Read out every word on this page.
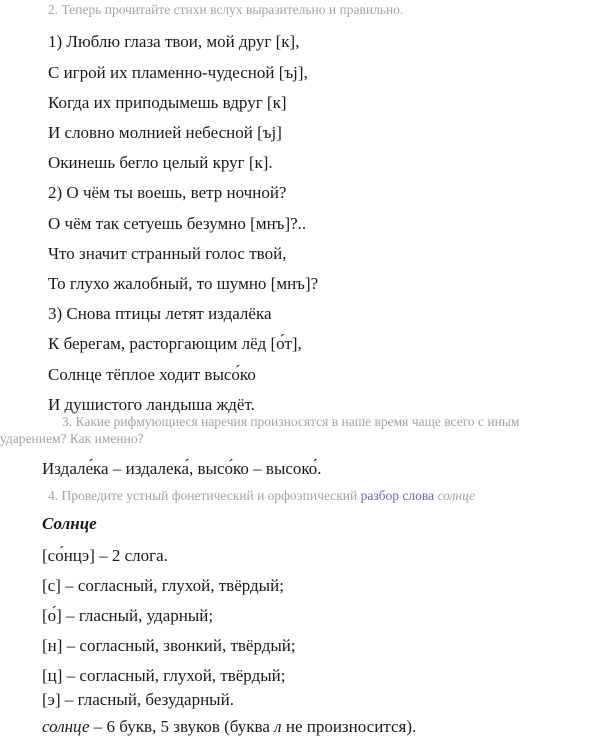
2. Теперь прочитайте стихи вслух выразительно и правильно.
1) Люблю глаза твои, мой друг [к],
С игрой их пламенно-чудесной [ъj],
Когда их приподымешь вдруг [к]
И словно молнией небесной [ъj]
Окинешь бегло целый круг [к].
2) О чём ты воешь, ветр ночной?
О чём так сетуешь безумно [мнъ]?..
Что значит странный голос твой,
То глухо жалобный, то шумно [мнъ]?
3) Снова птицы летят издалёка
К берегам, расторгающим лёд [о́т],
Солнце тёплое ходит высо́ко
И душистого ландыша ждёт.
3. Какие рифмующиеся наречия произносятся в наше время чаще всего с иным
ударением? Как именно?
Издале́ка – издалека́, высо́ко – высоко́.
4. Проведите устный фонетический и орфоэпический разбор слова солнце
Солнце
[со́нцэ] – 2 слога.
[с] – согласный, глухой, твёрдый;
[о́] – гласный, ударный;
[н] – согласный, звонкий, твёрдый;
[ц] – согласный, глухой, твёрдый;
[э] – гласный, безударный.
солнце – 6 букв, 5 звуков (буква л не произносится).
